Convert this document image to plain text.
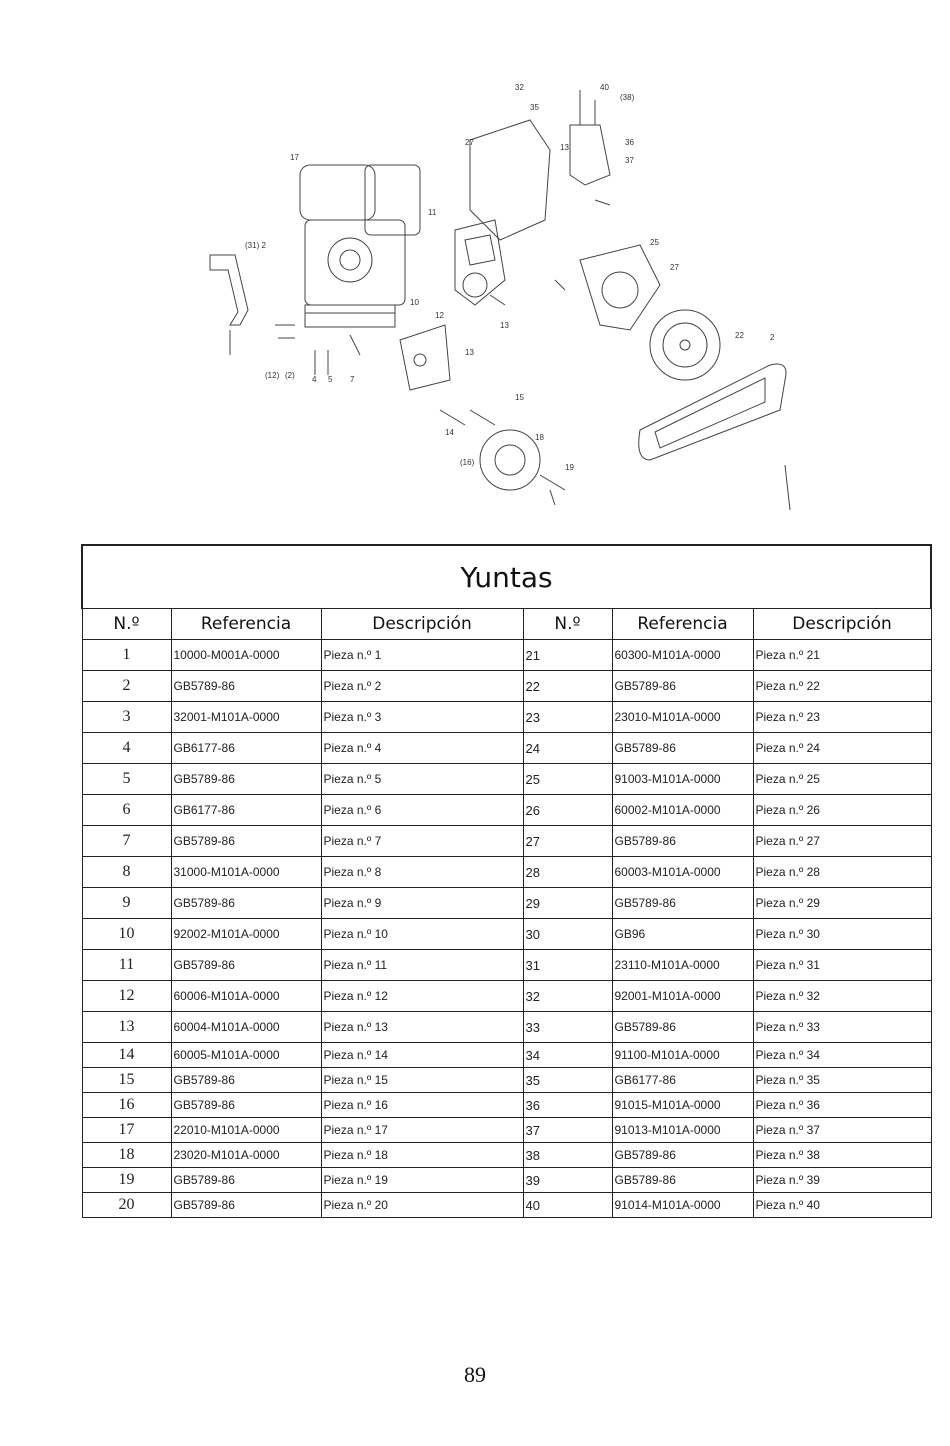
17
(31) 2
(12) (2) 4 5 7
10
11
27
13
12
13
14
15
(16)
18
19
22	2
25
27
40
(38)
36
37
13
35
32
Yuntas					
N.º	Referencia	Descripción	N.º	Referencia	Descripción
1	10000-M001A-0000	Pieza n.º 1	21	60300-M101A-0000	Pieza n.º 21
2	GB5789-86	Pieza n.º 2	22	GB5789-86	Pieza n.º 22
3	32001-M101A-0000	Pieza n.º 3	23	23010-M101A-0000	Pieza n.º 23
4	GB6177-86	Pieza n.º 4	24	GB5789-86	Pieza n.º 24
5	GB5789-86	Pieza n.º 5	25	91003-M101A-0000	Pieza n.º 25
6	GB6177-86	Pieza n.º 6	26	60002-M101A-0000	Pieza n.º 26
7	GB5789-86	Pieza n.º 7	27	GB5789-86	Pieza n.º 27
8	31000-M101A-0000	Pieza n.º 8	28	60003-M101A-0000	Pieza n.º 28
9	GB5789-86	Pieza n.º 9	29	GB5789-86	Pieza n.º 29
10	92002-M101A-0000	Pieza n.º 10	30	GB96	Pieza n.º 30
11	GB5789-86	Pieza n.º 11	31	23110-M101A-0000	Pieza n.º 31
12	60006-M101A-0000	Pieza n.º 12	32	92001-M101A-0000	Pieza n.º 32
13	60004-M101A-0000	Pieza n.º 13	33	GB5789-86	Pieza n.º 33
14	60005-M101A-0000	Pieza n.º 14	34	91100-M101A-0000	Pieza n.º 34
15	GB5789-86	Pieza n.º 15	35	GB6177-86	Pieza n.º 35
16	GB5789-86	Pieza n.º 16	36	91015-M101A-0000	Pieza n.º 36
17	22010-M101A-0000	Pieza n.º 17	37	91013-M101A-0000	Pieza n.º 37
18	23020-M101A-0000	Pieza n.º 18	38	GB5789-86	Pieza n.º 38
19	GB5789-86	Pieza n.º 19	39	GB5789-86	Pieza n.º 39
20	GB5789-86	Pieza n.º 20	40	91014-M101A-0000	Pieza n.º 40
89
